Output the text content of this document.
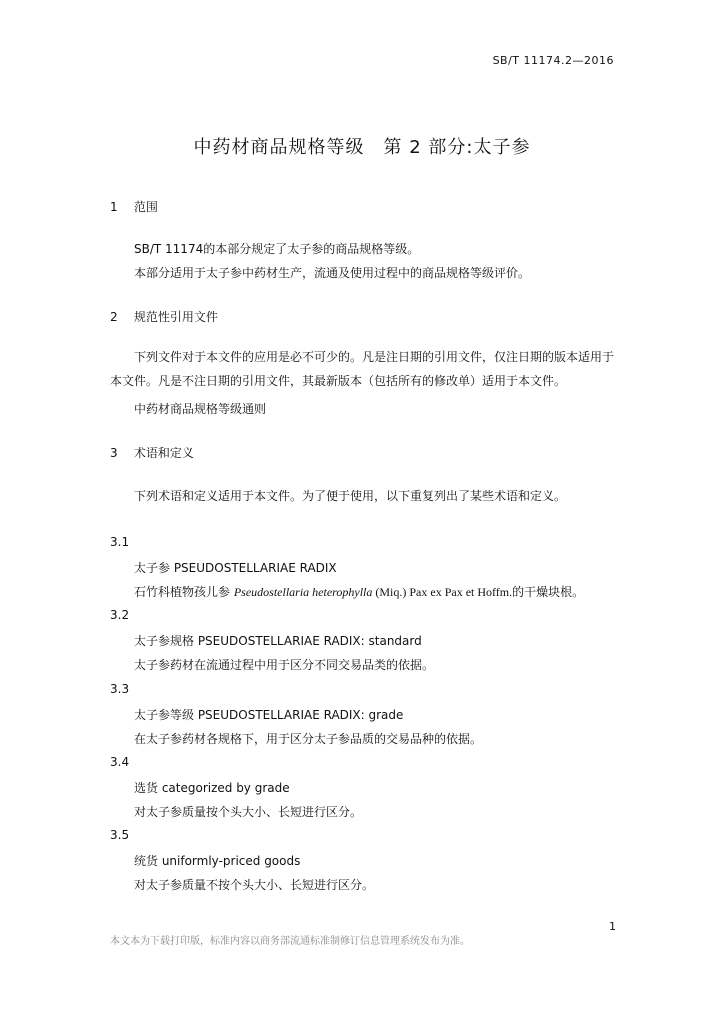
SB/T 11174.2—2016
中药材商品规格等级　第 2 部分:太子参
1 范围
SB/T 11174的本部分规定了太子参的商品规格等级。
本部分适用于太子参中药材生产，流通及使用过程中的商品规格等级评价。
2 规范性引用文件
下列文件对于本文件的应用是必不可少的。凡是注日期的引用文件，仅注日期的版本适用于本文件。凡是不注日期的引用文件，其最新版本（包括所有的修改单）适用于本文件。
中药材商品规格等级通则
3 术语和定义
下列术语和定义适用于本文件。为了便于使用，以下重复列出了某些术语和定义。
3.1
太子参 PSEUDOSTELLARIAE RADIX
石竹科植物孩儿参 Pseudostellaria heterophylla (Miq.) Pax ex Pax et Hoffm.的干燥块根。
3.2
太子参规格 PSEUDOSTELLARIAE RADIX: standard
太子参药材在流通过程中用于区分不同交易品类的依据。
3.3
太子参等级 PSEUDOSTELLARIAE RADIX: grade
在太子参药材各规格下，用于区分太子参品质的交易品种的依据。
3.4
选货 categorized by grade
对太子参质量按个头大小、长短进行区分。
3.5
统货 uniformly-priced goods
对太子参质量不按个头大小、长短进行区分。
1
本文本为下载打印版，标准内容以商务部流通标准制修订信息管理系统发布为准。
